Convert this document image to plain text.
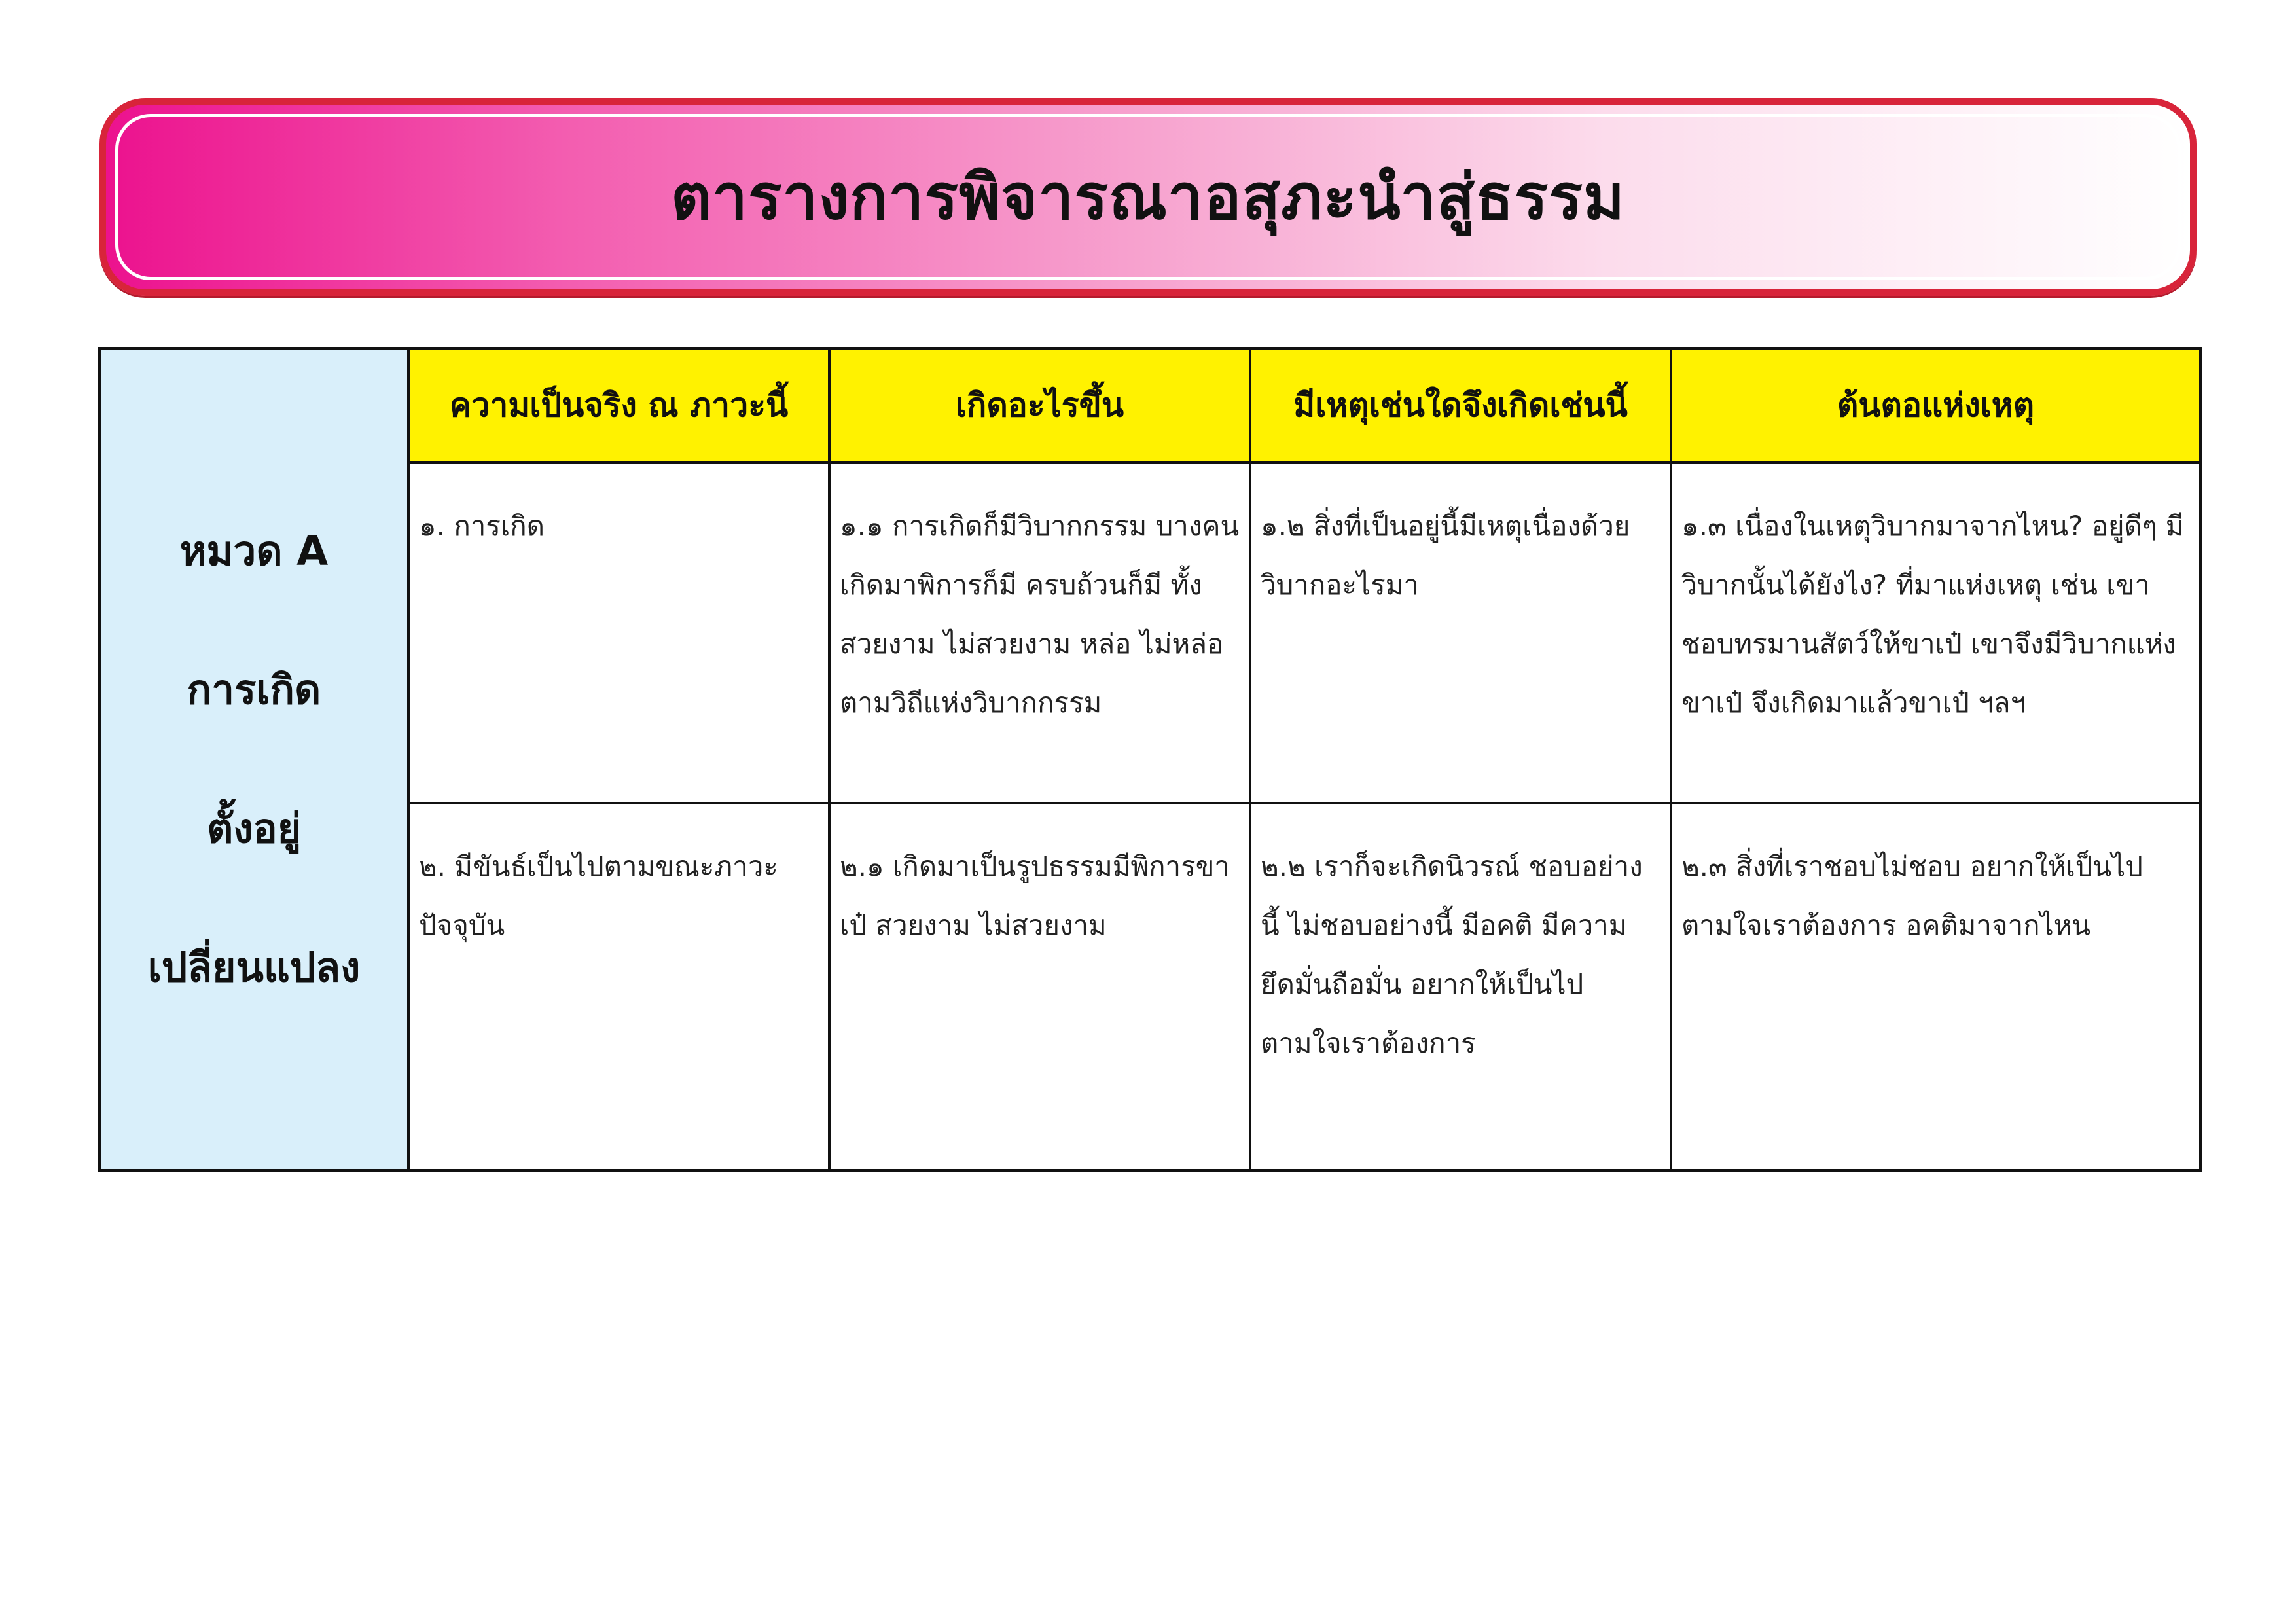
ตารางการพิจารณาอสุภะนำสู่ธรรม
หมวด A
การเกิด
ตั้งอยู่
เปลี่ยนแปลง	ความเป็นจริง ณ ภาวะนี้	เกิดอะไรขึ้น	มีเหตุเช่นใดจึงเกิดเช่นนี้	ต้นตอแห่งเหตุ

	๑. การเกิด	๑.๑ การเกิดก็มีวิบากกรรม บางคนเกิดมาพิการก็มี ครบถ้วนก็มี ทั้งสวยงาม ไม่สวยงาม หล่อ ไม่หล่อ ตามวิถีแห่งวิบากกรรม	๑.๒ สิ่งที่เป็นอยู่นี้มีเหตุเนื่องด้วยวิบากอะไรมา	๑.๓ เนื่องในเหตุวิบากมาจากไหน? อยู่ดีๆ มีวิบากนั้นได้ยังไง? ที่มาแห่งเหตุ เช่น เขาชอบทรมานสัตว์ให้ขาเป๋ เขาจึงมีวิบากแห่งขาเป๋ จึงเกิดมาแล้วขาเป๋ ฯลฯ

	๒. มีขันธ์เป็นไปตามขณะภาวะปัจจุบัน	๒.๑ เกิดมาเป็นรูปธรรมมีพิการขาเป๋ สวยงาม ไม่สวยงาม	๒.๒ เราก็จะเกิดนิวรณ์ ชอบอย่างนี้ ไม่ชอบอย่างนี้ มีอคติ มีความยึดมั่นถือมั่น อยากให้เป็นไปตามใจเราต้องการ	๒.๓ สิ่งที่เราชอบไม่ชอบ อยากให้เป็นไปตามใจเราต้องการ อคติมาจากไหน
